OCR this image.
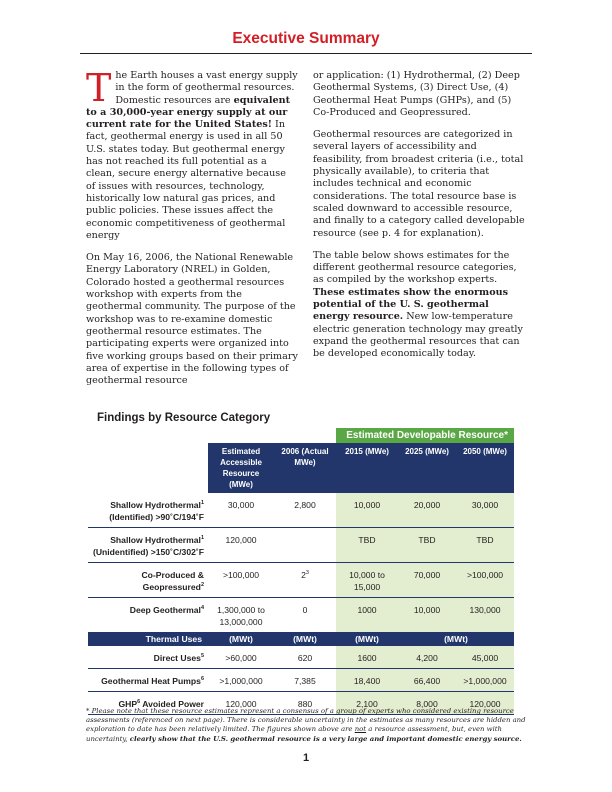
Executive Summary

The Earth houses a vast energy supply in the form of geothermal resources. Domestic resources are equivalent to a 30,000-year energy supply at our current rate for the United States! In fact, geothermal energy is used in all 50 U.S. states today. But geothermal energy has not reached its full potential as a clean, secure energy alternative because of issues with resources, technology, historically low natural gas prices, and public policies. These issues affect the economic competitiveness of geothermal energy

On May 16, 2006, the National Renewable Energy Laboratory (NREL) in Golden, Colorado hosted a geothermal resources workshop with experts from the geothermal community. The purpose of the workshop was to re-examine domestic geothermal resource estimates. The participating experts were organized into five working groups based on their primary area of expertise in the following types of geothermal resource

or application: (1) Hydrothermal, (2) Deep Geothermal Systems, (3) Direct Use, (4) Geothermal Heat Pumps (GHPs), and (5) Co-Produced and Geopressured.

Geothermal resources are categorized in several layers of accessibility and feasibility, from broadest criteria (i.e., total physically available), to criteria that includes technical and economic considerations. The total resource base is scaled downward to accessible resource, and finally to a category called developable resource (see p. 4 for explanation).

The table below shows estimates for the different geothermal resource categories, as compiled by the workshop experts. These estimates show the enormous potential of the U. S. geothermal energy resource. New low-temperature electric generation technology may greatly expand the geothermal resources that can be developed economically today.

Findings by Resource Category
			Estimated Developable Resource*		
	Estimated Accessible Resource (MWe)	2006 (Actual MWe)	2015 (MWe)	2025 (MWe)	2050 (MWe)
Shallow Hydrothermal$^1$
(Identified) >90˚C/194˚F	30,000	2,800	10,000	20,000	30,000
Shallow Hydrothermal$^1$
(Unidentified) >150˚C/302˚F	120,000		TBD	TBD	TBD
Co-Produced &
Geopressured$^2$	>100,000	$2^3$	10,000 to 15,000	70,000	>100,000
Deep Geothermal$^4$	1,300,000 to 13,000,000	0	1000	10,000	130,000
Thermal Uses	(MWt)	(MWt)	(MWt)	(MWt)	
Direct Uses$^5$	>60,000	620	1600	4,200	45,000
Geothermal Heat Pumps$^6$	>1,000,000	7,385	18,400	66,400	>1,000,000
GHP$^6$ Avoided Power	120,000	880	2,100	8,000	120,000
* Please note that these resource estimates represent a consensus of a group of experts who considered existing resource assessments (referenced on next page). There is considerable uncertainty in the estimates as many resources are hidden and exploration to date has been relatively limited. The figures shown above are not a resource assessment, but, even with uncertainty, clearly show that the U.S. geothermal resource is a very large and important domestic energy source.
1
